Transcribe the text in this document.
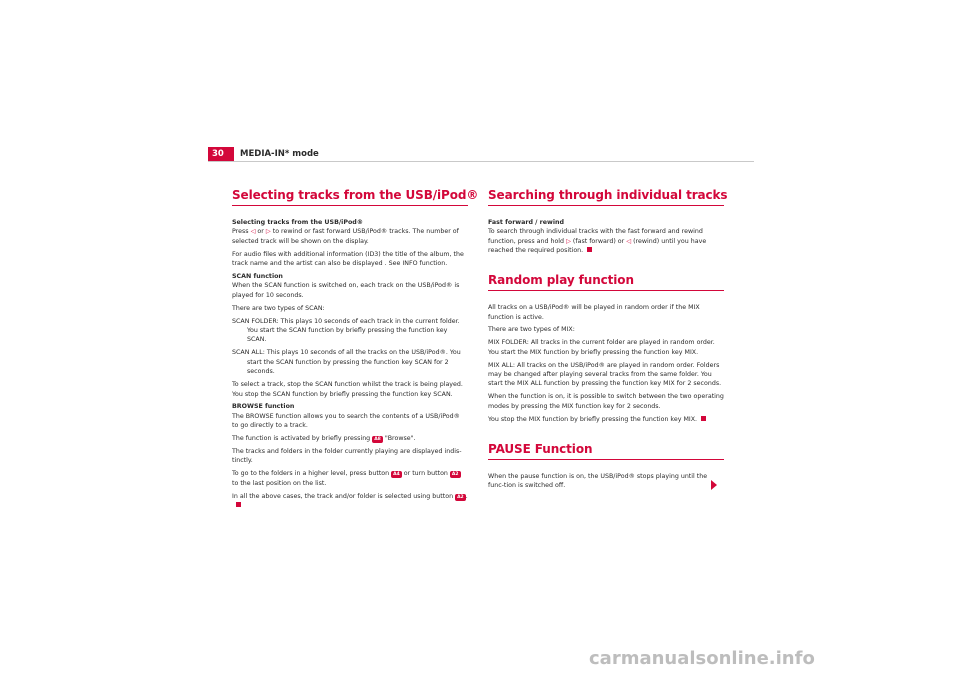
30	MEDIA-IN* mode
Selecting tracks from the USB/iPod®
Selecting tracks from the USB/iPod®

Press ◁ or ▷ to rewind or fast forward USB/iPod® tracks. The number of selected track will be shown on the display.

For audio files with additional information (ID3) the title of the album, the track name and the artist can also be displayed . See INFO function.

SCAN function

When the SCAN function is switched on, each track on the USB/iPod® is played for 10 seconds.

There are two types of SCAN:

SCAN FOLDER: This plays 10 seconds of each track in the current folder. You start the SCAN function by briefly pressing the function key SCAN.

SCAN ALL: This plays 10 seconds of all the tracks on the USB/iPod®. You start the SCAN function by pressing the function key SCAN for 2 seconds.

To select a track, stop the SCAN function whilst the track is being played. You stop the SCAN function by briefly pressing the function key SCAN.

BROWSE function

The BROWSE function allows you to search the contents of a USB/iPod® to go directly to a track.

The function is activated by briefly pressing A8 "Browse".

The tracks and folders in the folder currently playing are displayed indis-tinctly.

To go to the folders in a higher level, press button A4 or turn button A2 to the last position on the list.

In all the above cases, the track and/or folder is selected using button A2 .

Searching through individual tracks
Fast forward / rewind

To search through individual tracks with the fast forward and rewind function, press and hold ▷ (fast forward) or ◁ (rewind) until you have reached the required position.

Random play function

All tracks on a USB/iPod® will be played in random order if the MIX function is active.

There are two types of MIX:

MIX FOLDER: All tracks in the current folder are played in random order. You start the MIX function by briefly pressing the function key MIX.

MIX ALL: All tracks on the USB/iPod® are played in random order. Folders may be changed after playing several tracks from the same folder. You start the MIX ALL function by pressing the function key MIX for 2 seconds.

When the function is on, it is possible to switch between the two operating modes by pressing the MIX function key for 2 seconds.

You stop the MIX function by briefly pressing the function key MIX.

PAUSE Function

When the pause function is on, the USB/iPod® stops playing until the func-tion is switched off.

carmanualsonline.info
